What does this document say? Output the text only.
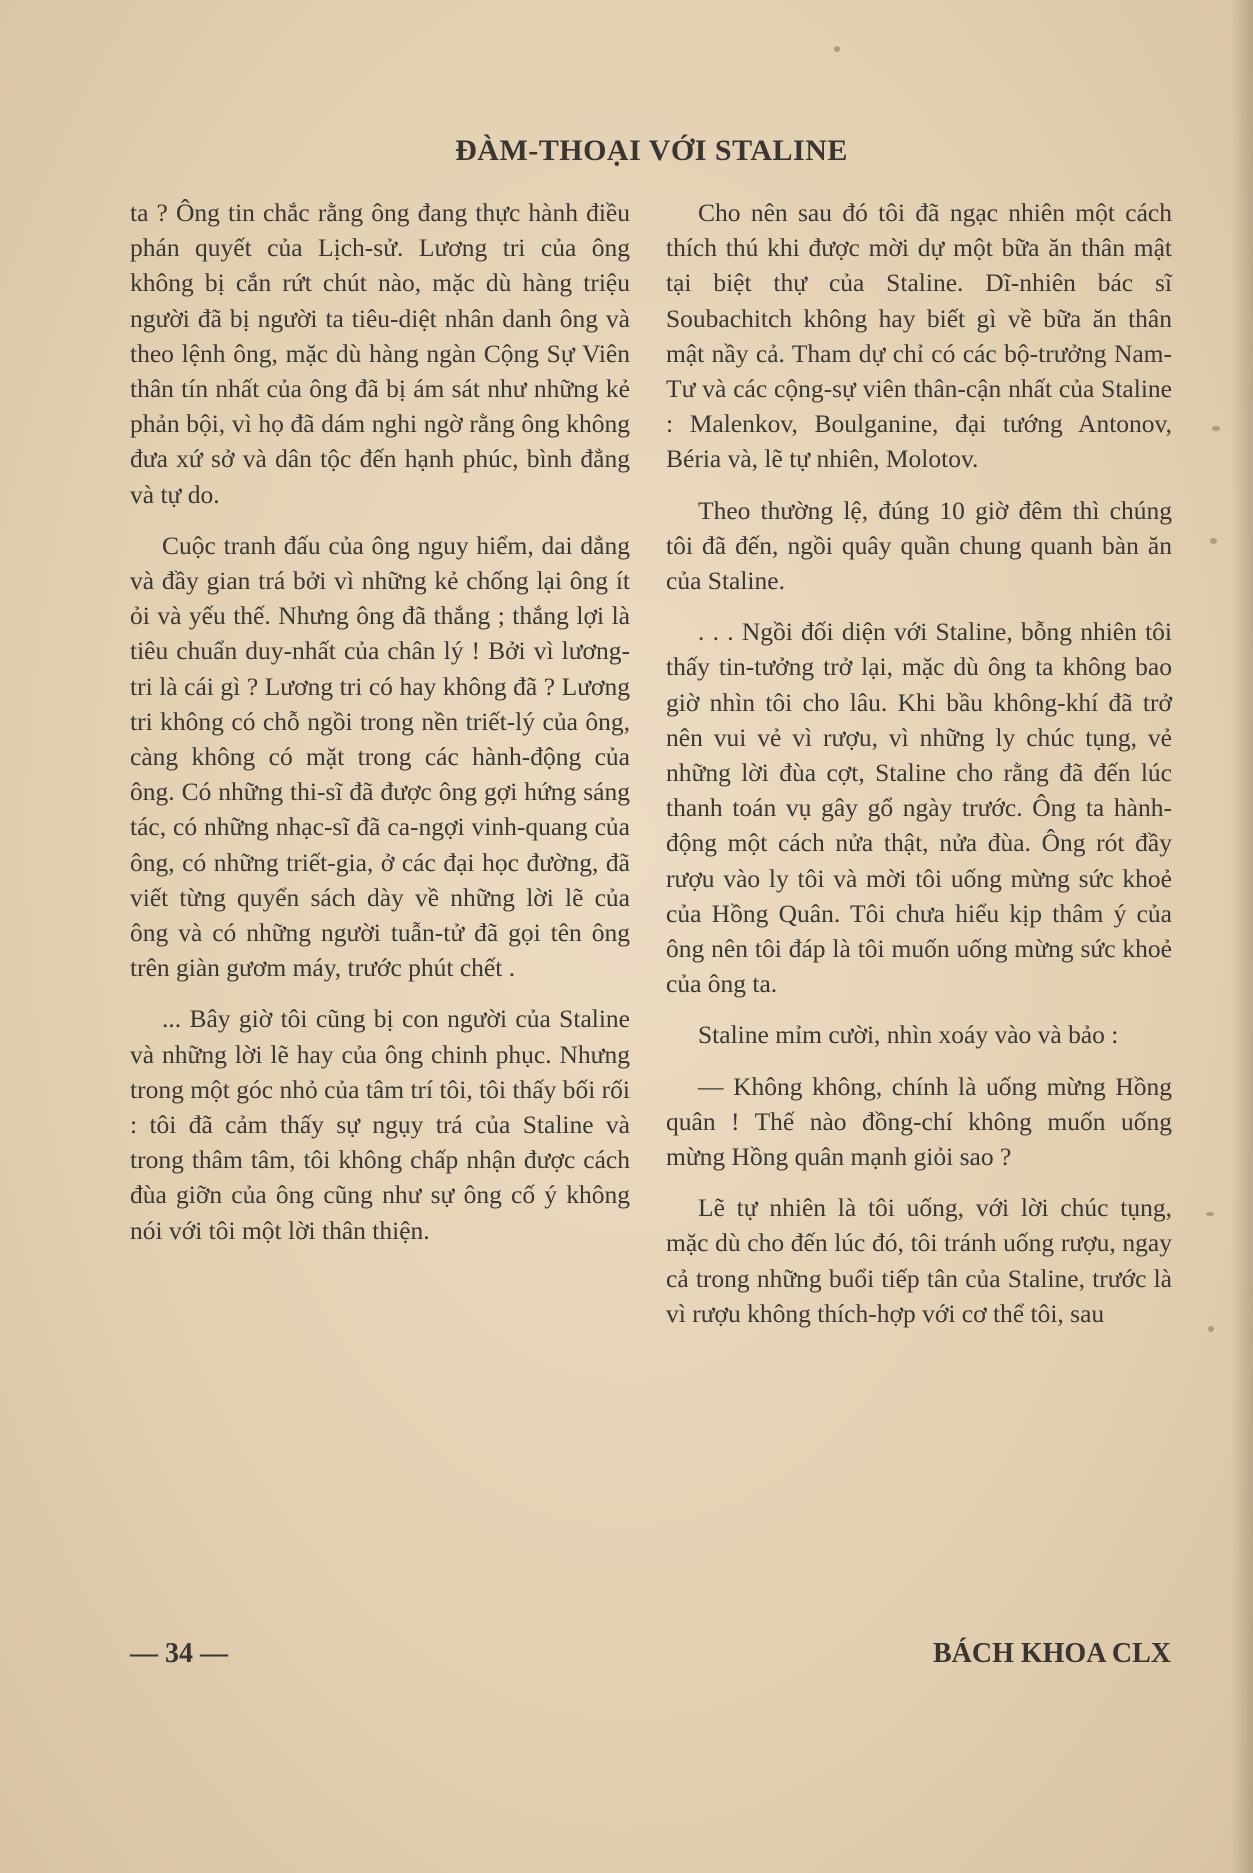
ĐÀM-THOẠI VỚI STALINE

ta ? Ông tin chắc rằng ông đang thực hành điều phán quyết của Lịch-sử. Lương tri của ông không bị cắn rứt chút nào, mặc dù hàng triệu người đã bị người ta tiêu-diệt nhân danh ông và theo lệnh ông, mặc dù hàng ngàn Cộng Sự Viên thân tín nhất của ông đã bị ám sát như những kẻ phản bội, vì họ đã dám nghi ngờ rằng ông không đưa xứ sở và dân tộc đến hạnh phúc, bình đẳng và tự do.

Cuộc tranh đấu của ông nguy hiểm, dai dẳng và đầy gian trá bởi vì những kẻ chống lại ông ít ỏi và yếu thế. Nhưng ông đã thắng ; thắng lợi là tiêu chuẩn duy-nhất của chân lý ! Bởi vì lương-tri là cái gì ? Lương tri có hay không đã ? Lương tri không có chỗ ngồi trong nền triết-lý của ông, càng không có mặt trong các hành-động của ông. Có những thi-sĩ đã được ông gợi hứng sáng tác, có những nhạc-sĩ đã ca-ngợi vinh-quang của ông, có những triết-gia, ở các đại học đường, đã viết từng quyển sách dày về những lời lẽ của ông và có những người tuẫn-tử đã gọi tên ông trên giàn gươm máy, trước phút chết .

... Bây giờ tôi cũng bị con người của Staline và những lời lẽ hay của ông chinh phục. Nhưng trong một góc nhỏ của tâm trí tôi, tôi thấy bối rối : tôi đã cảm thấy sự ngụy trá của Staline và trong thâm tâm, tôi không chấp nhận được cách đùa giỡn của ông cũng như sự ông cố ý không nói với tôi một lời thân thiện.

Cho nên sau đó tôi đã ngạc nhiên một cách thích thú khi được mời dự một bữa ăn thân mật tại biệt thự của Staline. Dĩ-nhiên bác sĩ Soubachitch không hay biết gì về bữa ăn thân mật nầy cả. Tham dự chỉ có các bộ-trưởng Nam-Tư và các cộng-sự viên thân-cận nhất của Staline : Malenkov, Boulganine, đại tướng Antonov, Béria và, lẽ tự nhiên, Molotov.

Theo thường lệ, đúng 10 giờ đêm thì chúng tôi đã đến, ngồi quây quần chung quanh bàn ăn của Staline.

. . . Ngồi đối diện với Staline, bỗng nhiên tôi thấy tin-tưởng trở lại, mặc dù ông ta không bao giờ nhìn tôi cho lâu. Khi bầu không-khí đã trở nên vui vẻ vì rượu, vì những ly chúc tụng, vẻ những lời đùa cợt, Staline cho rằng đã đến lúc thanh toán vụ gây gổ ngày trước. Ông ta hành-động một cách nửa thật, nửa đùa. Ông rót đầy rượu vào ly tôi và mời tôi uống mừng sức khoẻ của Hồng Quân. Tôi chưa hiểu kịp thâm ý của ông nên tôi đáp là tôi muốn uống mừng sức khoẻ của ông ta.

Staline mỉm cười, nhìn xoáy vào và bảo :

— Không không, chính là uống mừng Hồng quân ! Thế nào đồng-chí không muốn uống mừng Hồng quân mạnh giỏi sao ?

Lẽ tự nhiên là tôi uống, với lời chúc tụng, mặc dù cho đến lúc đó, tôi tránh uống rượu, ngay cả trong những buổi tiếp tân của Staline, trước là vì rượu không thích-hợp với cơ thể tôi, sau

— 34 —	BÁCH KHOA CLX
